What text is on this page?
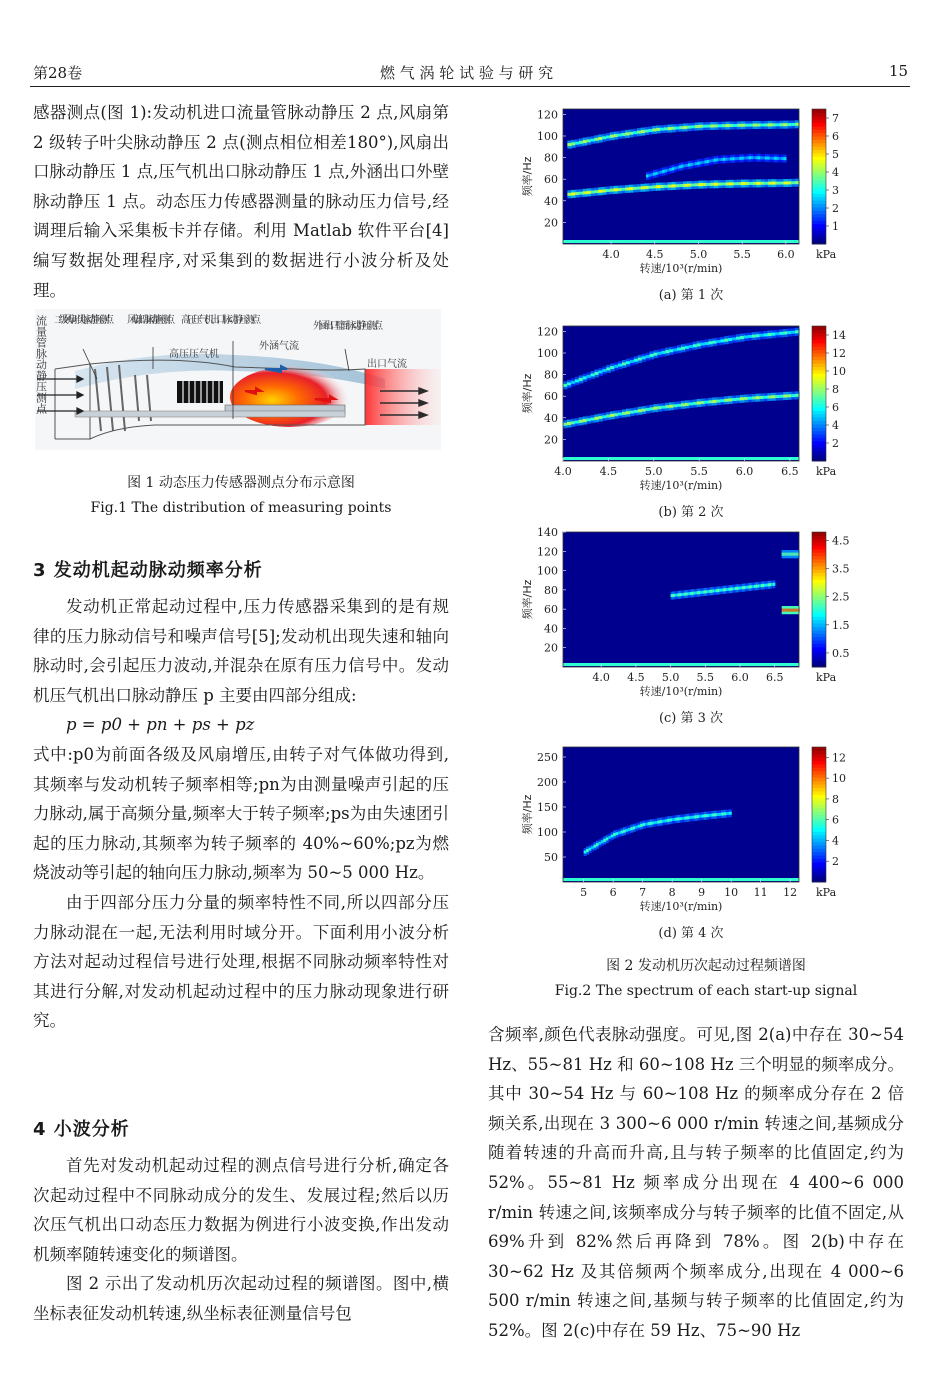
第28卷	燃 气 涡 轮 试 验 与 研 究	15

感器测点(图 1):发动机进口流量管脉动静压 2 点,风扇第 2 级转子叶尖脉动静压 2 点(测点相位相差180°),风扇出口脉动静压 1 点,压气机出口脉动静压 1 点,外涵出口外壁脉动静压 1 点。动态压力传感器测量的脉动压力信号,经调理后输入采集板卡并存储。利用 Matlab 软件平台[4]编写数据处理程序,对采集到的数据进行小波分析及处理。

流量管脉动静压测点 二级风扇叶尖脉动静压测点 风扇出口脉动静压测点 高压压气机出口脉动静压测点
外涵出口壁面脉动静压测点
高压压气机
外涵气流
出口气流
图 1 动态压力传感器测点分布示意图
Fig.1 The distribution of measuring points
3 发动机起动脉动频率分析

发动机正常起动过程中,压力传感器采集到的是有规律的压力脉动信号和噪声信号[5];发动机出现失速和轴向脉动时,会引起压力波动,并混杂在原有压力信号中。发动机压气机出口脉动静压 p 主要由四部分组成:

p = p0 + pn + ps + pz

式中:p0为前面各级及风扇增压,由转子对气体做功得到,其频率与发动机转子频率相等;pn为由测量噪声引起的压力脉动,属于高频分量,频率大于转子频率;ps为由失速团引起的压力脉动,其频率为转子频率的 40%~60%;pz为燃烧波动等引起的轴向压力脉动,频率为 50~5 000 Hz。

由于四部分压力分量的频率特性不同,所以四部分压力脉动混在一起,无法利用时域分开。下面利用小波分析方法对起动过程信号进行处理,根据不同脉动频率特性对其进行分解,对发动机起动过程中的压力脉动现象进行研究。

4 小波分析

首先对发动机起动过程的测点信号进行分析,确定各次起动过程中不同脉动成分的发生、发展过程;然后以历次压气机出口动态压力数据为例进行小波变换,作出发动机频率随转速变化的频谱图。

图 2 示出了发动机历次起动过程的频谱图。图中,横坐标表征发动机转速,纵坐标表征测量信号包

4.0 4.5 5.0 5.5 6.0
20
40
60
80
100
120
转速/10³(r/min)
频率/Hz
1
2
3
4
5
6
7
kPa
(a) 第 1 次
4.0	4.5	5.0	5.5	6.0	6.5
20
40
60
80
100
120
转速/10³(r/min)
频率/Hz
2
4
6
8
10
12
14
kPa
(b) 第 2 次
4.0 4.5 5.0 5.5 6.0 6.5
20
40
60
80
100
120
140
转速/10³(r/min)
频率/Hz
0.5
1.5
2.5
3.5
4.5
kPa
(c) 第 3 次
5 6 7 8 9 10 11 12
50
100
150
200
250
转速/10³(r/min)
频率/Hz
2
4
6
8
10
12
kPa
(d) 第 4 次
图 2 发动机历次起动过程频谱图
Fig.2 The spectrum of each start-up signal

含频率,颜色代表脉动强度。可见,图 2(a)中存在 30~54 Hz、55~81 Hz 和 60~108 Hz 三个明显的频率成分。其中 30~54 Hz 与 60~108 Hz 的频率成分存在 2 倍频关系,出现在 3 300~6 000 r/min 转速之间,基频成分随着转速的升高而升高,且与转子频率的比值固定,约为 52%。55~81 Hz 频率成分出现在 4 400~6 000 r/min 转速之间,该频率成分与转子频率的比值不固定,从 69%升到 82%然后再降到 78%。图 2(b)中存在 30~62 Hz 及其倍频两个频率成分,出现在 4 000~6 500 r/min 转速之间,基频与转子频率的比值固定,约为 52%。图 2(c)中存在 59 Hz、75~90 Hz
